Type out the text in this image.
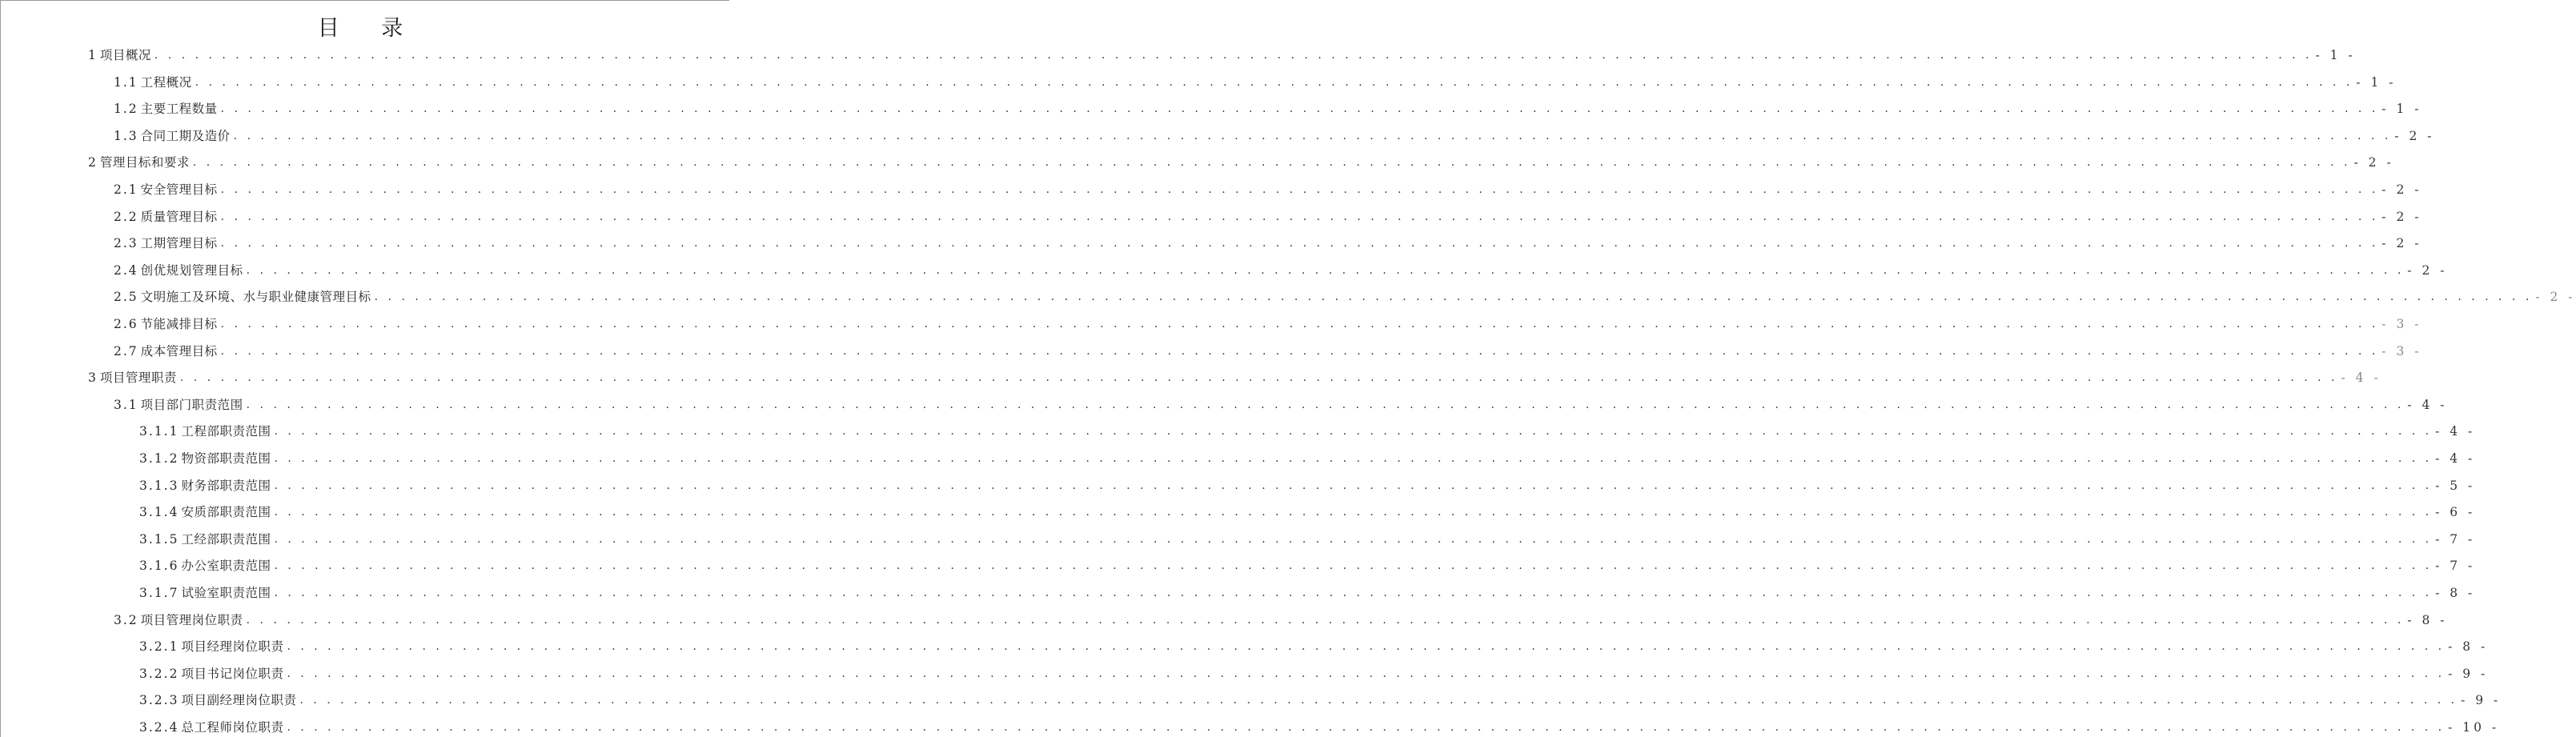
目 录
1 项目概况 . . . . . . . . . . . . . . . . . . . . . . . . . . . . . . . . . . . . . . . . . . . . . . . . . . . . . . . . . . . . . . . . . . . . . . . . . . . . . . . . . . . . . . . . . . . . . . . . . . . . . . . . . . . . . . . . . . . . . . . . . . . . . . . . . . . . . . . . . . . . . . . . . . . . . . . . . . . . . . . . - 1 -
1.1 工程概况 . . . . . . . . . . . . . . . . . . . . . . . . . . . . . . . . . . . . . . . . . . . . . . . . . . . . . . . . . . . . . . . . . . . . . . . . . . . . . . . . . . . . . . . . . . . . . . . . . . . . . . . . . . . . . . . . . . . . . . . . . . . . . . . . . . . . . . . . . . . . . . . . . . . . . . . . . . . . . . . . - 1 -
1.2 主要工程数量 . . . . . . . . . . . . . . . . . . . . . . . . . . . . . . . . . . . . . . . . . . . . . . . . . . . . . . . . . . . . . . . . . . . . . . . . . . . . . . . . . . . . . . . . . . . . . . . . . . . . . . . . . . . . . . . . . . . . . . . . . . . . . . . . . . . . . . . . . . . . . . . . . . . . . . . . . . . . . . . . - 1 -
1.3 合同工期及造价 . . . . . . . . . . . . . . . . . . . . . . . . . . . . . . . . . . . . . . . . . . . . . . . . . . . . . . . . . . . . . . . . . . . . . . . . . . . . . . . . . . . . . . . . . . . . . . . . . . . . . . . . . . . . . . . . . . . . . . . . . . . . . . . . . . . . . . . . . . . . . . . . . . . . . . . . . . . . . . . . - 2 -
2 管理目标和要求 . . . . . . . . . . . . . . . . . . . . . . . . . . . . . . . . . . . . . . . . . . . . . . . . . . . . . . . . . . . . . . . . . . . . . . . . . . . . . . . . . . . . . . . . . . . . . . . . . . . . . . . . . . . . . . . . . . . . . . . . . . . . . . . . . . . . . . . . . . . . . . . . . . . . . . . . . . . . . . . . - 2 -
2.1 安全管理目标 . . . . . . . . . . . . . . . . . . . . . . . . . . . . . . . . . . . . . . . . . . . . . . . . . . . . . . . . . . . . . . . . . . . . . . . . . . . . . . . . . . . . . . . . . . . . . . . . . . . . . . . . . . . . . . . . . . . . . . . . . . . . . . . . . . . . . . . . . . . . . . . . . . . . . . . . . . . . . . . . - 2 -
2.2 质量管理目标 . . . . . . . . . . . . . . . . . . . . . . . . . . . . . . . . . . . . . . . . . . . . . . . . . . . . . . . . . . . . . . . . . . . . . . . . . . . . . . . . . . . . . . . . . . . . . . . . . . . . . . . . . . . . . . . . . . . . . . . . . . . . . . . . . . . . . . . . . . . . . . . . . . . . . . . . . . . . . . . . - 2 -
2.3 工期管理目标 . . . . . . . . . . . . . . . . . . . . . . . . . . . . . . . . . . . . . . . . . . . . . . . . . . . . . . . . . . . . . . . . . . . . . . . . . . . . . . . . . . . . . . . . . . . . . . . . . . . . . . . . . . . . . . . . . . . . . . . . . . . . . . . . . . . . . . . . . . . . . . . . . . . . . . . . . . . . . . . . - 2 -
2.4 创优规划管理目标 . . . . . . . . . . . . . . . . . . . . . . . . . . . . . . . . . . . . . . . . . . . . . . . . . . . . . . . . . . . . . . . . . . . . . . . . . . . . . . . . . . . . . . . . . . . . . . . . . . . . . . . . . . . . . . . . . . . . . . . . . . . . . . . . . . . . . . . . . . . . . . . . . . . . . . . . . . . . . . . . - 2 -
2.5 文明施工及环境、水与职业健康管理目标 . . . . . . . . . . . . . . . . . . . . . . . . . . . . . . . . . . . . . . . . . . . . . . . . . . . . . . . . . . . . . . . . . . . . . . . . . . . . . . . . . . . . . . . . . . . . . . . . . . . . . . . . . . . . . . . . . . . . . . . . . . . . . . . . . . . . . . . . . . . . . . . . . . . . . . . . . . . . . . . . - 2 -
2.6 节能减排目标 . . . . . . . . . . . . . . . . . . . . . . . . . . . . . . . . . . . . . . . . . . . . . . . . . . . . . . . . . . . . . . . . . . . . . . . . . . . . . . . . . . . . . . . . . . . . . . . . . . . . . . . . . . . . . . . . . . . . . . . . . . . . . . . . . . . . . . . . . . . . . . . . . . . . . . . . . . . . . . . . - 3 -
2.7 成本管理目标 . . . . . . . . . . . . . . . . . . . . . . . . . . . . . . . . . . . . . . . . . . . . . . . . . . . . . . . . . . . . . . . . . . . . . . . . . . . . . . . . . . . . . . . . . . . . . . . . . . . . . . . . . . . . . . . . . . . . . . . . . . . . . . . . . . . . . . . . . . . . . . . . . . . . . . . . . . . . . . . . - 3 -
3 项目管理职责 . . . . . . . . . . . . . . . . . . . . . . . . . . . . . . . . . . . . . . . . . . . . . . . . . . . . . . . . . . . . . . . . . . . . . . . . . . . . . . . . . . . . . . . . . . . . . . . . . . . . . . . . . . . . . . . . . . . . . . . . . . . . . . . . . . . . . . . . . . . . . . . . . . . . . . . . . . . . . . . . - 4 -
3.1 项目部门职责范围 . . . . . . . . . . . . . . . . . . . . . . . . . . . . . . . . . . . . . . . . . . . . . . . . . . . . . . . . . . . . . . . . . . . . . . . . . . . . . . . . . . . . . . . . . . . . . . . . . . . . . . . . . . . . . . . . . . . . . . . . . . . . . . . . . . . . . . . . . . . . . . . . . . . . . . . . . . . . . . . . - 4 -
3.1.1 工程部职责范围 . . . . . . . . . . . . . . . . . . . . . . . . . . . . . . . . . . . . . . . . . . . . . . . . . . . . . . . . . . . . . . . . . . . . . . . . . . . . . . . . . . . . . . . . . . . . . . . . . . . . . . . . . . . . . . . . . . . . . . . . . . . . . . . . . . . . . . . . . . . . . . . . . . . . . . . . . . . . . . . . - 4 -
3.1.2 物资部职责范围 . . . . . . . . . . . . . . . . . . . . . . . . . . . . . . . . . . . . . . . . . . . . . . . . . . . . . . . . . . . . . . . . . . . . . . . . . . . . . . . . . . . . . . . . . . . . . . . . . . . . . . . . . . . . . . . . . . . . . . . . . . . . . . . . . . . . . . . . . . . . . . . . . . . . . . . . . . . . . . . . - 4 -
3.1.3 财务部职责范围 . . . . . . . . . . . . . . . . . . . . . . . . . . . . . . . . . . . . . . . . . . . . . . . . . . . . . . . . . . . . . . . . . . . . . . . . . . . . . . . . . . . . . . . . . . . . . . . . . . . . . . . . . . . . . . . . . . . . . . . . . . . . . . . . . . . . . . . . . . . . . . . . . . . . . . . . . . . . . . . . - 5 -
3.1.4 安质部职责范围 . . . . . . . . . . . . . . . . . . . . . . . . . . . . . . . . . . . . . . . . . . . . . . . . . . . . . . . . . . . . . . . . . . . . . . . . . . . . . . . . . . . . . . . . . . . . . . . . . . . . . . . . . . . . . . . . . . . . . . . . . . . . . . . . . . . . . . . . . . . . . . . . . . . . . . . . . . . . . . . . - 6 -
3.1.5 工经部职责范围 . . . . . . . . . . . . . . . . . . . . . . . . . . . . . . . . . . . . . . . . . . . . . . . . . . . . . . . . . . . . . . . . . . . . . . . . . . . . . . . . . . . . . . . . . . . . . . . . . . . . . . . . . . . . . . . . . . . . . . . . . . . . . . . . . . . . . . . . . . . . . . . . . . . . . . . . . . . . . . . . - 7 -
3.1.6 办公室职责范围 . . . . . . . . . . . . . . . . . . . . . . . . . . . . . . . . . . . . . . . . . . . . . . . . . . . . . . . . . . . . . . . . . . . . . . . . . . . . . . . . . . . . . . . . . . . . . . . . . . . . . . . . . . . . . . . . . . . . . . . . . . . . . . . . . . . . . . . . . . . . . . . . . . . . . . . . . . . . . . . . - 7 -
3.1.7 试验室职责范围 . . . . . . . . . . . . . . . . . . . . . . . . . . . . . . . . . . . . . . . . . . . . . . . . . . . . . . . . . . . . . . . . . . . . . . . . . . . . . . . . . . . . . . . . . . . . . . . . . . . . . . . . . . . . . . . . . . . . . . . . . . . . . . . . . . . . . . . . . . . . . . . . . . . . . . . . . . . . . . . . - 8 -
3.2 项目管理岗位职责 . . . . . . . . . . . . . . . . . . . . . . . . . . . . . . . . . . . . . . . . . . . . . . . . . . . . . . . . . . . . . . . . . . . . . . . . . . . . . . . . . . . . . . . . . . . . . . . . . . . . . . . . . . . . . . . . . . . . . . . . . . . . . . . . . . . . . . . . . . . . . . . . . . . . . . . . . . . . . . . . - 8 -
3.2.1 项目经理岗位职责 . . . . . . . . . . . . . . . . . . . . . . . . . . . . . . . . . . . . . . . . . . . . . . . . . . . . . . . . . . . . . . . . . . . . . . . . . . . . . . . . . . . . . . . . . . . . . . . . . . . . . . . . . . . . . . . . . . . . . . . . . . . . . . . . . . . . . . . . . . . . . . . . . . . . . . . . . . . . . . . . - 8 -
3.2.2 项目书记岗位职责 . . . . . . . . . . . . . . . . . . . . . . . . . . . . . . . . . . . . . . . . . . . . . . . . . . . . . . . . . . . . . . . . . . . . . . . . . . . . . . . . . . . . . . . . . . . . . . . . . . . . . . . . . . . . . . . . . . . . . . . . . . . . . . . . . . . . . . . . . . . . . . . . . . . . . . . . . . . . . . . . - 9 -
3.2.3 项目副经理岗位职责 . . . . . . . . . . . . . . . . . . . . . . . . . . . . . . . . . . . . . . . . . . . . . . . . . . . . . . . . . . . . . . . . . . . . . . . . . . . . . . . . . . . . . . . . . . . . . . . . . . . . . . . . . . . . . . . . . . . . . . . . . . . . . . . . . . . . . . . . . . . . . . . . . . . . . . . . . . . . . . . . - 9 -
3.2.4 总工程师岗位职责 . . . . . . . . . . . . . . . . . . . . . . . . . . . . . . . . . . . . . . . . . . . . . . . . . . . . . . . . . . . . . . . . . . . . . . . . . . . . . . . . . . . . . . . . . . . . . . . . . . . . . . . . . . . . . . . . . . . . . . . . . . . . . . . . . . . . . . . . . . . . . . . . . . . . . . . . . . . . . . . . - 10 -
